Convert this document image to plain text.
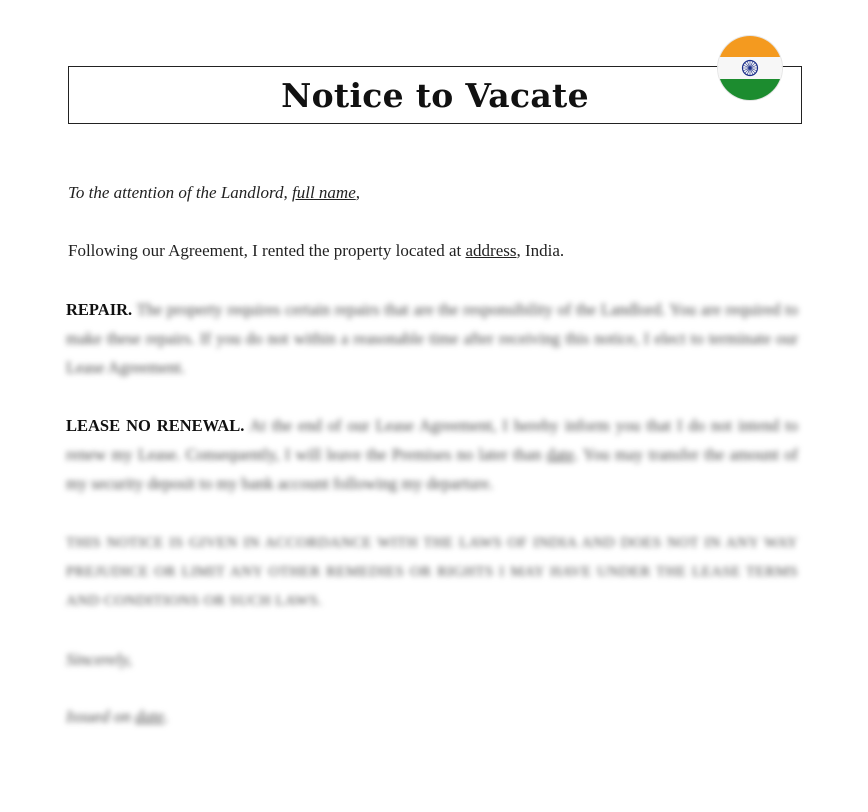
Notice to Vacate
To the attention of the Landlord, full name,
Following our Agreement, I rented the property located at address, India.
REPAIR. The property requires certain repairs that are the responsibility of the Landlord. You are required to make these repairs. If you do not within a reasonable time after receiving this notice, I elect to terminate our Lease Agreement.
LEASE NO RENEWAL. At the end of our Lease Agreement, I hereby inform you that I do not intend to renew my Lease. Consequently, I will leave the Premises no later than date. You may transfer the amount of my security deposit to my bank account following my departure.
THIS NOTICE IS GIVEN IN ACCORDANCE WITH THE LAWS OF INDIA AND DOES NOT IN ANY WAY PREJUDICE OR LIMIT ANY OTHER REMEDIES OR RIGHTS I MAY HAVE UNDER THE LEASE TERMS AND CONDITIONS OR SUCH LAWS.
Sincerely,
Issued on date.
